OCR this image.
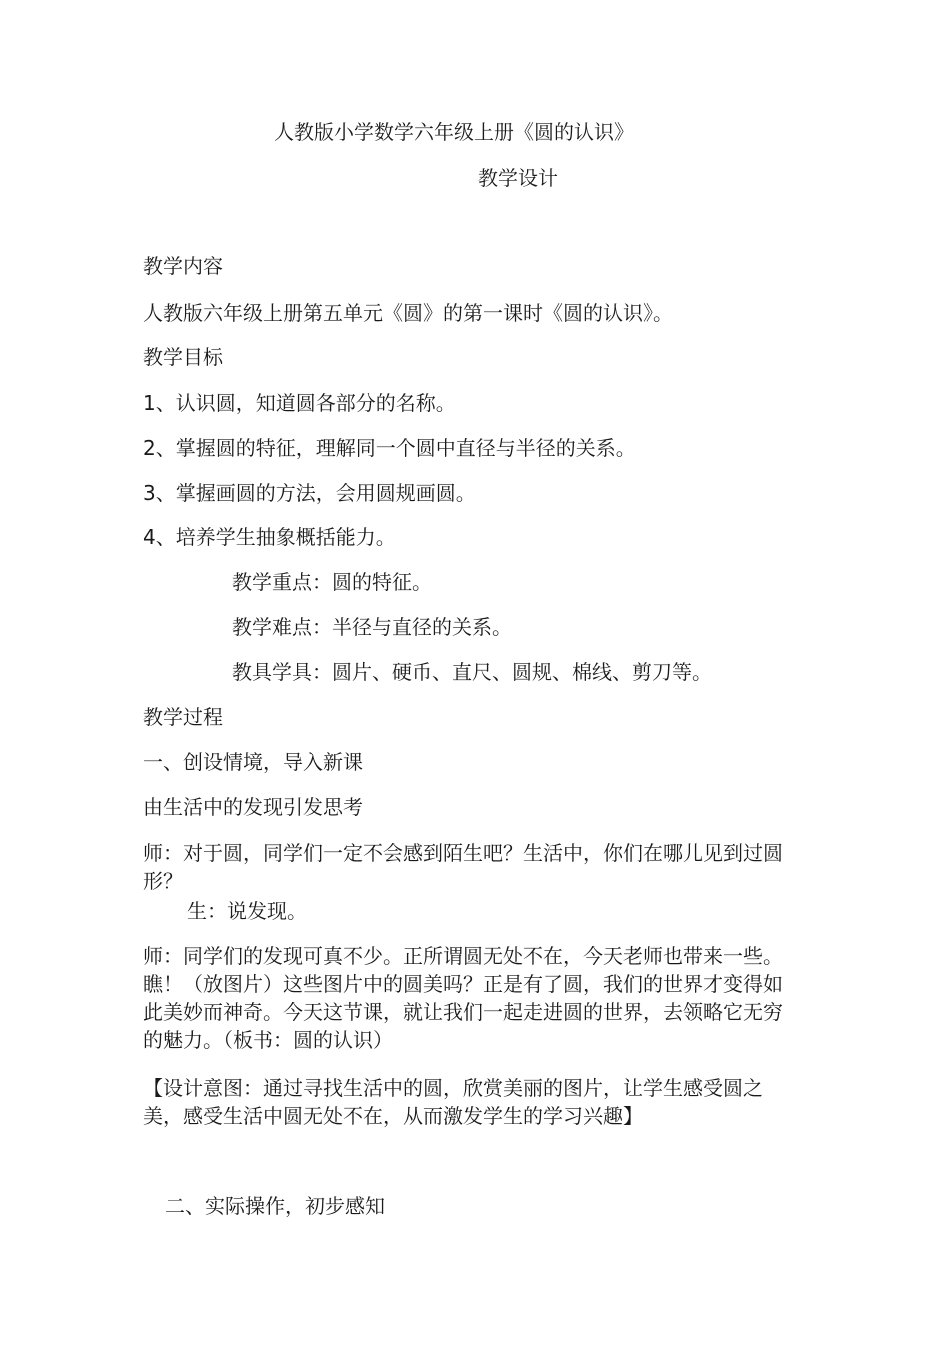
人教版小学数学六年级上册《圆的认识》
教学设计
教学内容
人教版六年级上册第五单元《圆》的第一课时《圆的认识》。
教学目标
1、认识圆，知道圆各部分的名称。
2、掌握圆的特征，理解同一个圆中直径与半径的关系。
3、掌握画圆的方法，会用圆规画圆。
4、培养学生抽象概括能力。
教学重点：圆的特征。
教学难点：半径与直径的关系。
教具学具：圆片、硬币、直尺、圆规、棉线、剪刀等。
教学过程
一、创设情境，导入新课
由生活中的发现引发思考
师：对于圆，同学们一定不会感到陌生吧？生活中，你们在哪儿见到过圆形？
生：说发现。
师：同学们的发现可真不少。正所谓圆无处不在，今天老师也带来一些。瞧！（放图片）这些图片中的圆美吗？正是有了圆，我们的世界才变得如此美妙而神奇。今天这节课，就让我们一起走进圆的世界，去领略它无穷的魅力。（板书：圆的认识）
【设计意图：通过寻找生活中的圆，欣赏美丽的图片，让学生感受圆之美，感受生活中圆无处不在，从而激发学生的学习兴趣】
二、实际操作，初步感知
